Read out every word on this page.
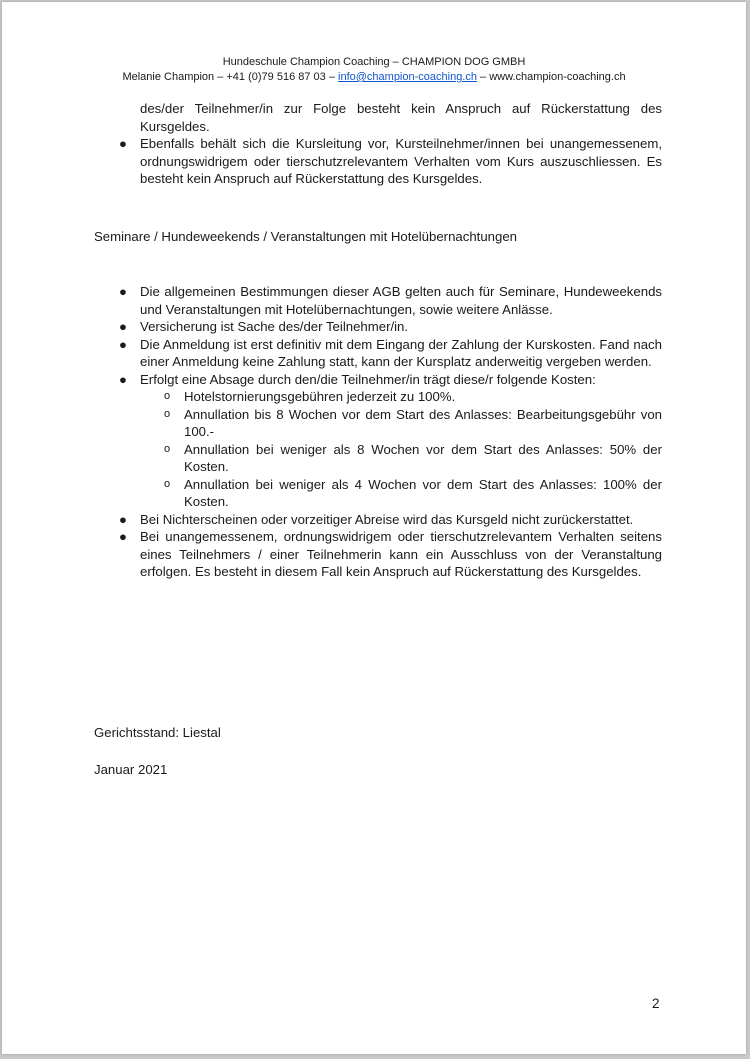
Hundeschule Champion Coaching – CHAMPION DOG GMBH
Melanie Champion – +41 (0)79 516 87 03 – info@champion-coaching.ch – www.champion-coaching.ch
des/der Teilnehmer/in zur Folge besteht kein Anspruch auf Rückerstattung des Kursgeldes.
● Ebenfalls behält sich die Kursleitung vor, Kursteilnehmer/innen bei unangemessenem, ordnungswidrigem oder tierschutzrelevantem Verhalten vom Kurs auszuschliessen. Es besteht kein Anspruch auf Rückerstattung des Kursgeldes.
Seminare / Hundeweekends / Veranstaltungen mit Hotelübernachtungen
● Die allgemeinen Bestimmungen dieser AGB gelten auch für Seminare, Hundeweekends und Veranstaltungen mit Hotelübernachtungen, sowie weitere Anlässe.
● Versicherung ist Sache des/der Teilnehmer/in.
● Die Anmeldung ist erst definitiv mit dem Eingang der Zahlung der Kurskosten. Fand nach einer Anmeldung keine Zahlung statt, kann der Kursplatz anderweitig vergeben werden.
● Erfolgt eine Absage durch den/die Teilnehmer/in trägt diese/r folgende Kosten:
o Hotelstornierungsgebühren jederzeit zu 100%.
o Annullation bis 8 Wochen vor dem Start des Anlasses: Bearbeitungsgebühr von 100.-
o Annullation bei weniger als 8 Wochen vor dem Start des Anlasses: 50% der Kosten.
o Annullation bei weniger als 4 Wochen vor dem Start des Anlasses: 100% der Kosten.
● Bei Nichterscheinen oder vorzeitiger Abreise wird das Kursgeld nicht zurückerstattet.
● Bei unangemessenem, ordnungswidrigem oder tierschutzrelevantem Verhalten seitens eines Teilnehmers / einer Teilnehmerin kann ein Ausschluss von der Veranstaltung erfolgen. Es besteht in diesem Fall kein Anspruch auf Rückerstattung des Kursgeldes.
Gerichtsstand: Liestal
Januar 2021
2
